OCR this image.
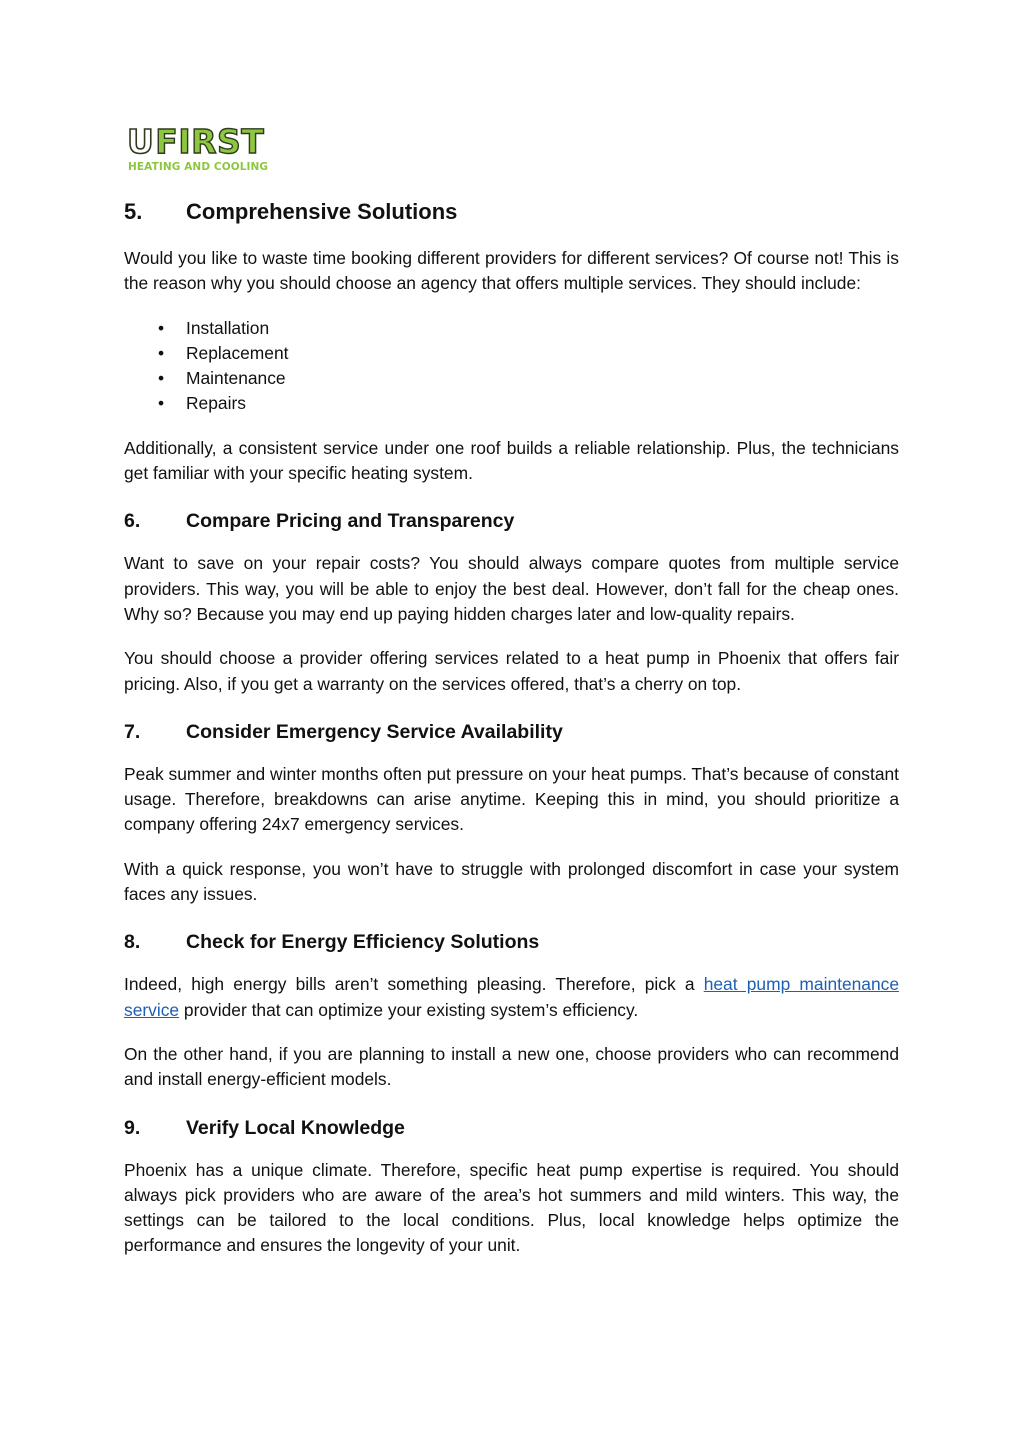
UFIRST
HEATING AND COOLING
5.	Comprehensive Solutions

Would you like to waste time booking different providers for different services? Of course not! This is the reason why you should choose an agency that offers multiple services. They should include:

• Installation
• Replacement
• Maintenance
• Repairs

Additionally, a consistent service under one roof builds a reliable relationship. Plus, the technicians get familiar with your specific heating system.

6.	Compare Pricing and Transparency

Want to save on your repair costs? You should always compare quotes from multiple service providers. This way, you will be able to enjoy the best deal. However, don’t fall for the cheap ones. Why so? Because you may end up paying hidden charges later and low-quality repairs.

You should choose a provider offering services related to a heat pump in Phoenix that offers fair pricing. Also, if you get a warranty on the services offered, that’s a cherry on top.

7.	Consider Emergency Service Availability

Peak summer and winter months often put pressure on your heat pumps. That’s because of constant usage. Therefore, breakdowns can arise anytime. Keeping this in mind, you should prioritize a company offering 24x7 emergency services.

With a quick response, you won’t have to struggle with prolonged discomfort in case your system faces any issues.

8.	Check for Energy Efficiency Solutions

Indeed, high energy bills aren’t something pleasing. Therefore, pick a heat pump maintenance service provider that can optimize your existing system’s efficiency.

On the other hand, if you are planning to install a new one, choose providers who can recommend and install energy-efficient models.

9.	Verify Local Knowledge

Phoenix has a unique climate. Therefore, specific heat pump expertise is required. You should always pick providers who are aware of the area’s hot summers and mild winters. This way, the settings can be tailored to the local conditions. Plus, local knowledge helps optimize the performance and ensures the longevity of your unit.
